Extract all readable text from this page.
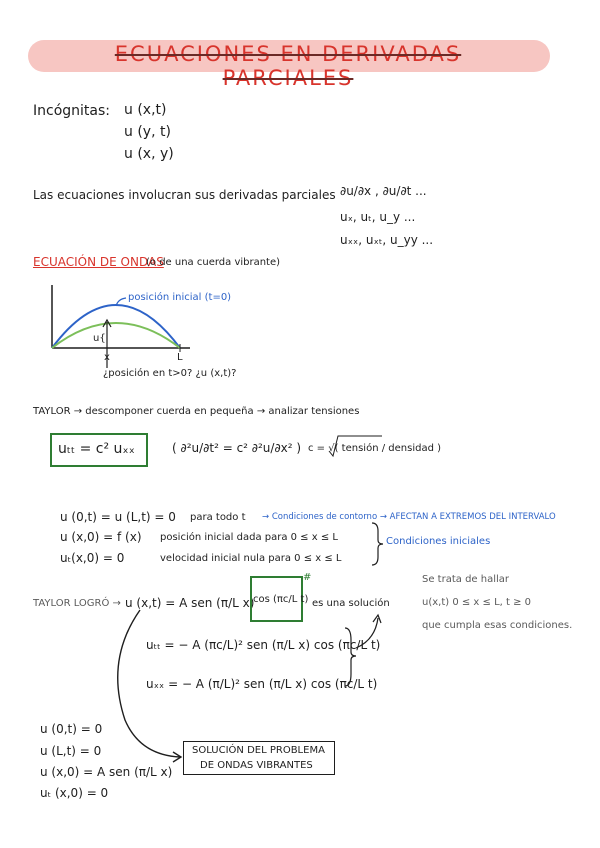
ECUACIONES EN DERIVADAS PARCIALES
Incógnitas: u (x,t)
u (y, t)
u (x, y)
Las ecuaciones involucran sus derivadas parciales ∂u/∂x , ∂u/∂t ...
uₓ, uₜ, u_y ...
uₓₓ, uₓₜ, u_yy ...
ECUACIÓN DE ONDAS
(o de una cuerda vibrante)
posición inicial (t=0)
u{
x	L
¿posición en t>0? ¿u (x,t)?
TAYLOR → descomponer cuerda en pequeña → analizar tensiones
uₜₜ = c² uₓₓ	( ∂²u/∂t² = c² ∂²u/∂x² ) c = √( tensión / densidad )
u (0,t) = u (L,t) = 0 para todo t → Condiciones de contorno → AFECTAN A EXTREMOS DEL INTERVALO
u (x,0) = f (x) posición inicial dada para 0 ≤ x ≤ L	Condiciones iniciales
uₜ(x,0) = 0	velocidad inicial nula para 0 ≤ x ≤ L
TAYLOR LOGRÓ → u (x,t) = A sen (π/L x)
cos (πc/L t)
#
es una solución
Se trata de hallar
u(x,t) 0 ≤ x ≤ L, t ≥ 0
que cumpla esas condiciones.
uₜₜ = − A (πc/L)² sen (π/L x) cos (πc/L t)
uₓₓ = − A (π/L)² sen (π/L x) cos (πc/L t)
u (0,t) = 0
u (L,t) = 0
u (x,0) = A sen (π/L x)
uₜ (x,0) = 0
SOLUCIÓN DEL PROBLEMA
DE ONDAS VIBRANTES
